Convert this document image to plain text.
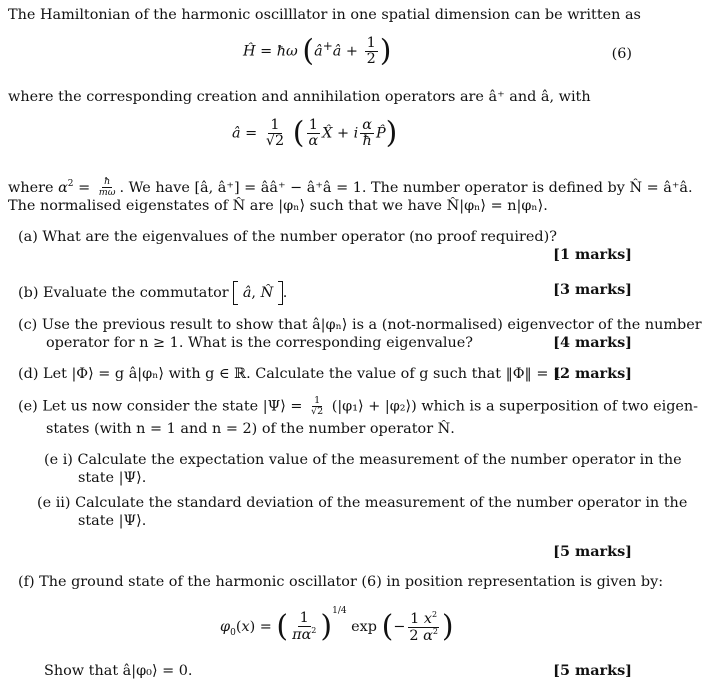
The Hamiltonian of the harmonic oscilllator in one spatial dimension can be written as
Ĥ = ħω (â+â + $\frac{1}{2}$ )	(6)
where the corresponding creation and annihilation operators are â⁺ and â, with
â = $\frac{1}{√2}$ ( $\frac{1}{\alpha}$ X̂ + i $\frac{\alpha}{ħ}$ P̂)
where $\alpha^2 = \frac{ħ}{m\omega}$ . We have [â, â⁺] = ââ⁺ − â⁺â = 1. The number operator is defined by N̂ = â⁺â.
The normalised eigenstates of N̂ are |φₙ⟩ such that we have N̂|φₙ⟩ = n|φₙ⟩.
(a) What are the eigenvalues of the number operator (no proof required)?
[1 marks]
(b) Evaluate the commutator â, N̂ .	[3 marks]
(c) Use the previous result to show that â|φₙ⟩ is a (not-normalised) eigenvector of the number
operator for n ≥ 1. What is the corresponding eigenvalue?	[4 marks]
(d) Let |Φ⟩ = g â|φₙ⟩ with g ∈ ℝ. Calculate the value of g such that ‖Φ‖ = 1.
[2 marks]
(e) Let us now consider the state |Ψ⟩ = $\frac{1}{√2}$ (|φ₁⟩ + |φ₂⟩) which is a superposition of two eigen-
states (with n = 1 and n = 2) of the number operator N̂.
(e i) Calculate the expectation value of the measurement of the number operator in the
state |Ψ⟩.
(e ii) Calculate the standard deviation of the measurement of the number operator in the
state |Ψ⟩.
[5 marks]
(f) The ground state of the harmonic oscillator (6) in position representation is given by:
$\varphi_0(x)$ = ( $\frac{1}{\pi\alpha^2} )^{1/4}$ exp (− $\frac{1 x^2}{2 \alpha^2}$ )
Show that â|φ₀⟩ = 0.	[5 marks]
